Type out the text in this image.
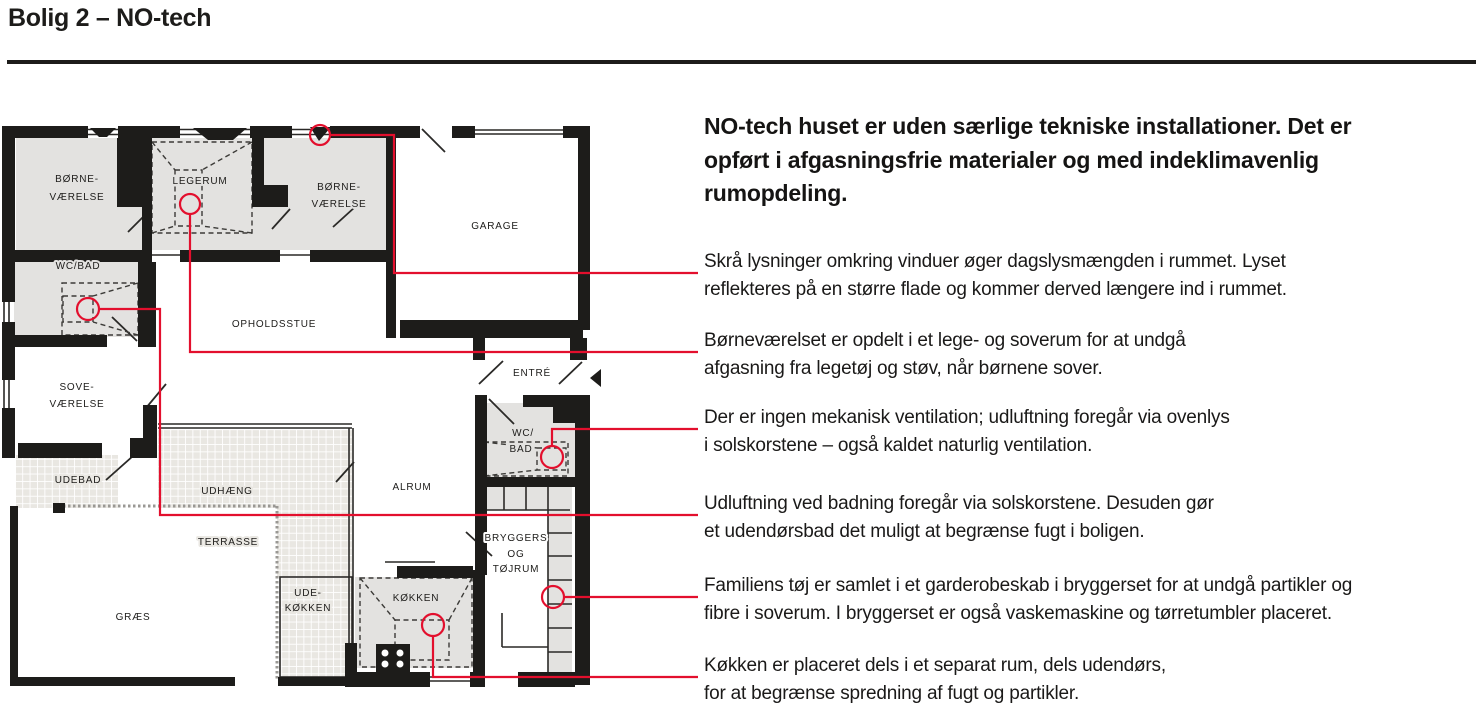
Bolig 2 – NO-tech
BØRNE-
VÆRELSE
LEGERUM
BØRNE-
VÆRELSE
GARAGE
WC/BAD
OPHOLDSSTUE
SOVE-
VÆRELSE
ENTRÉ
WC/
BAD
UDEBAD
UDHÆNG	ALRUM
TERRASSE	BRYGGERS
OG
TØJRUM
UDE-
KØKKEN
KØKKEN
GRÆS
NO-tech huset er uden særlige tekniske installationer. Det er
opført i afgasningsfrie materialer og med indeklimavenlig
rumopdeling.
Skrå lysninger omkring vinduer øger dagslysmængden i rummet. Lyset
reflekteres på en større flade og kommer derved længere ind i rummet.
Børneværelset er opdelt i et lege- og soverum for at undgå
afgasning fra legetøj og støv, når børnene sover.
Der er ingen mekanisk ventilation; udluftning foregår via ovenlys
i solskorstene – også kaldet naturlig ventilation.
Udluftning ved badning foregår via solskorstene. Desuden gør
et udendørsbad det muligt at begrænse fugt i boligen.
Familiens tøj er samlet i et garderobeskab i bryggerset for at undgå partikler og
fibre i soverum. I bryggerset er også vaskemaskine og tørretumbler placeret.
Køkken er placeret dels i et separat rum, dels udendørs,
for at begrænse spredning af fugt og partikler.
